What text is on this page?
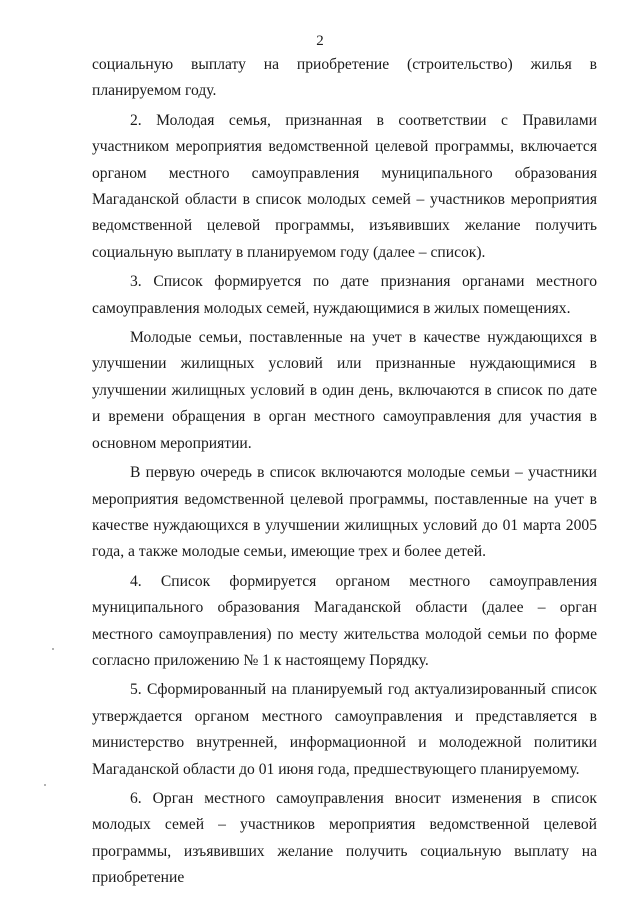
2

социальную выплату на приобретение (строительство) жилья в планируемом году.

2. Молодая семья, признанная в соответствии с Правилами участником мероприятия ведомственной целевой программы, включается органом местного самоуправления муниципального образования Магаданской области в список молодых семей – участников мероприятия ведомственной целевой программы, изъявивших желание получить социальную выплату в планируемом году (далее – список).

3. Список формируется по дате признания органами местного самоуправления молодых семей, нуждающимися в жилых помещениях.

Молодые семьи, поставленные на учет в качестве нуждающихся в улучшении жилищных условий или признанные нуждающимися в улучшении жилищных условий в один день, включаются в список по дате и времени обращения в орган местного самоуправления для участия в основном мероприятии.

В первую очередь в список включаются молодые семьи – участники мероприятия ведомственной целевой программы, поставленные на учет в качестве нуждающихся в улучшении жилищных условий до 01 марта 2005 года, а также молодые семьи, имеющие трех и более детей.

4. Список формируется органом местного самоуправления муниципального образования Магаданской области (далее – орган местного самоуправления) по месту жительства молодой семьи по форме согласно приложению № 1 к настоящему Порядку.

5. Сформированный на планируемый год актуализированный список утверждается органом местного самоуправления и представляется в министерство внутренней, информационной и молодежной политики Магаданской области до 01 июня года, предшествующего планируемому.

6. Орган местного самоуправления вносит изменения в список молодых семей – участников мероприятия ведомственной целевой программы, изъявивших желание получить социальную выплату на приобретение
